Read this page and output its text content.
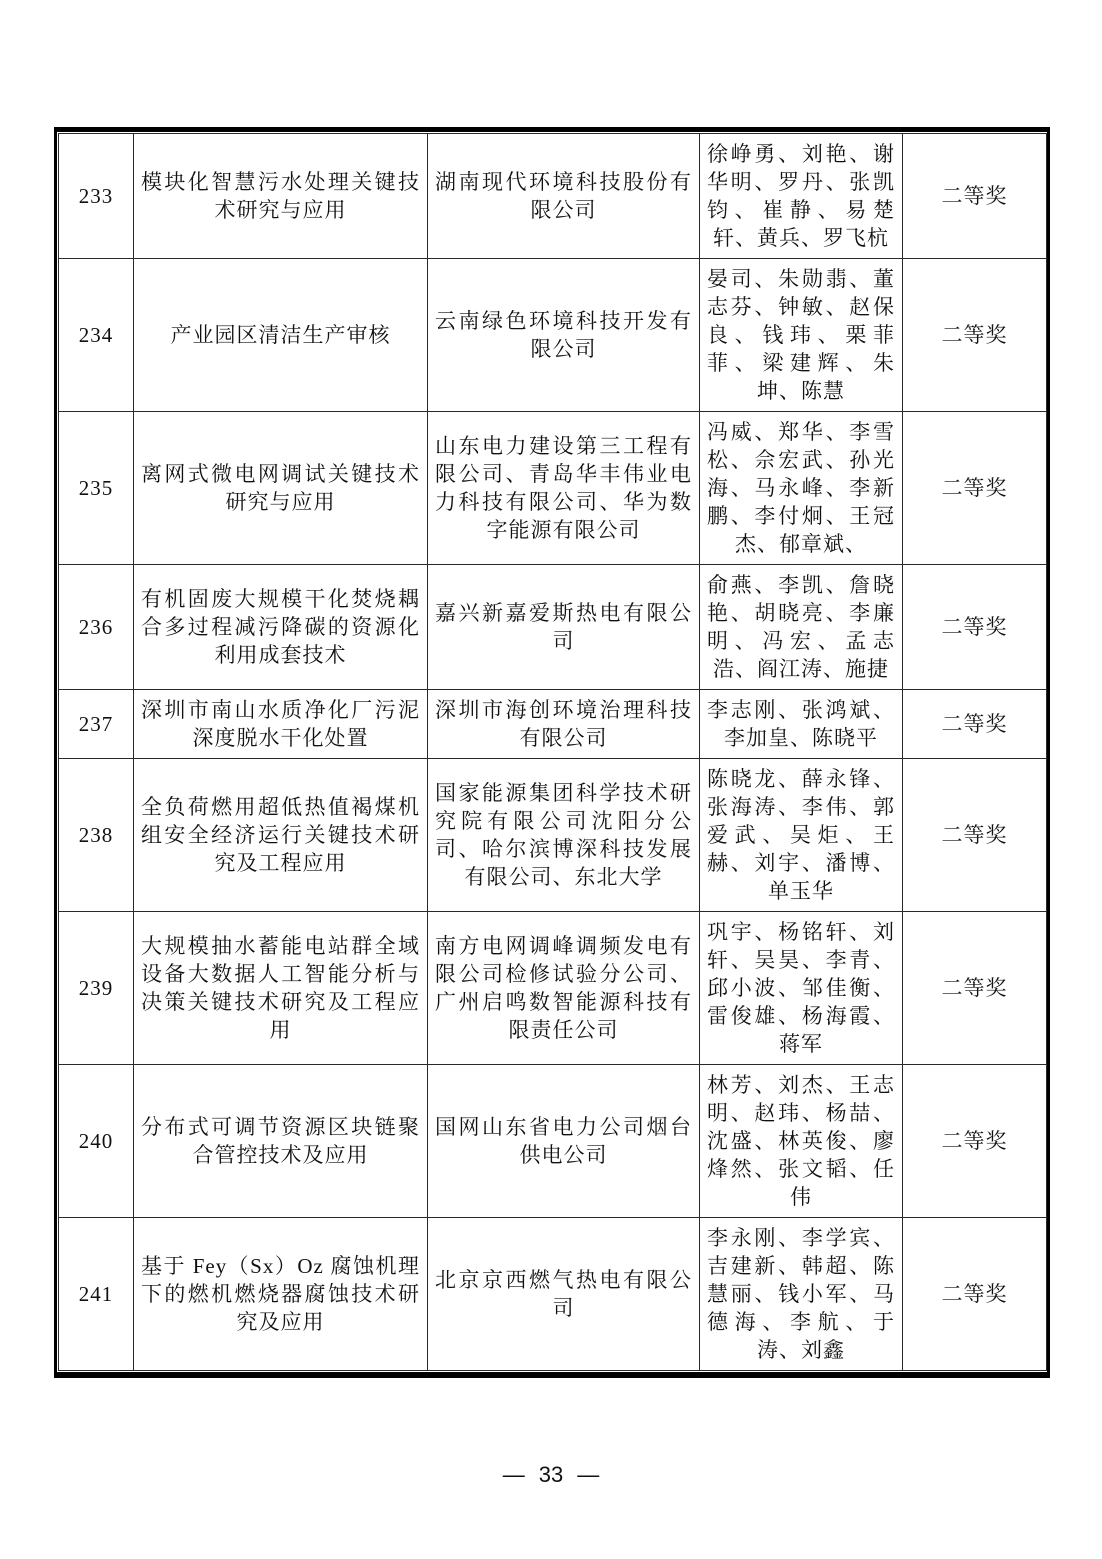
233	模块化智慧污水处理关键技术研究与应用	湖南现代环境科技股份有限公司	徐峥勇、刘艳、谢华明、罗丹、张凯钧、崔静、易楚轩、黄兵、罗飞杭	二等奖
234	产业园区清洁生产审核	云南绿色环境科技开发有限公司	晏司、朱勋翡、董志芬、钟敏、赵保良、钱玮、栗菲菲、梁建辉、朱坤、陈慧	二等奖
235	离网式微电网调试关键技术研究与应用	山东电力建设第三工程有限公司、青岛华丰伟业电力科技有限公司、华为数字能源有限公司	冯威、郑华、李雪松、佘宏武、孙光海、马永峰、李新鹏、李付炯、王冠杰、郁章斌、	二等奖
236	有机固废大规模干化焚烧耦合多过程减污降碳的资源化利用成套技术	嘉兴新嘉爱斯热电有限公司	俞燕、李凯、詹晓艳、胡晓亮、李廉明、冯宏、孟志浩、阎江涛、施捷	二等奖
237	深圳市南山水质净化厂污泥深度脱水干化处置	深圳市海创环境治理科技有限公司	李志刚、张鸿斌、李加皇、陈晓平	二等奖
238	全负荷燃用超低热值褐煤机组安全经济运行关键技术研究及工程应用	国家能源集团科学技术研究院有限公司沈阳分公司、哈尔滨博深科技发展有限公司、东北大学	陈晓龙、薛永锋、张海涛、李伟、郭爱武、吴炬、王赫、刘宇、潘博、单玉华	二等奖
239	大规模抽水蓄能电站群全域设备大数据人工智能分析与决策关键技术研究及工程应用	南方电网调峰调频发电有限公司检修试验分公司、广州启鸣数智能源科技有限责任公司	巩宇、杨铭轩、刘轩、吴昊、李青、邱小波、邹佳衡、雷俊雄、杨海霞、蒋军	二等奖
240	分布式可调节资源区块链聚合管控技术及应用	国网山东省电力公司烟台供电公司	林芳、刘杰、王志明、赵玮、杨喆、沈盛、林英俊、廖烽然、张文韬、任伟	二等奖
241	基于 Fey（Sx）Oz 腐蚀机理下的燃机燃烧器腐蚀技术研究及应用	北京京西燃气热电有限公司	李永刚、李学宾、吉建新、韩超、陈慧丽、钱小军、马德海、李航、于涛、刘鑫	二等奖
— 33 —
